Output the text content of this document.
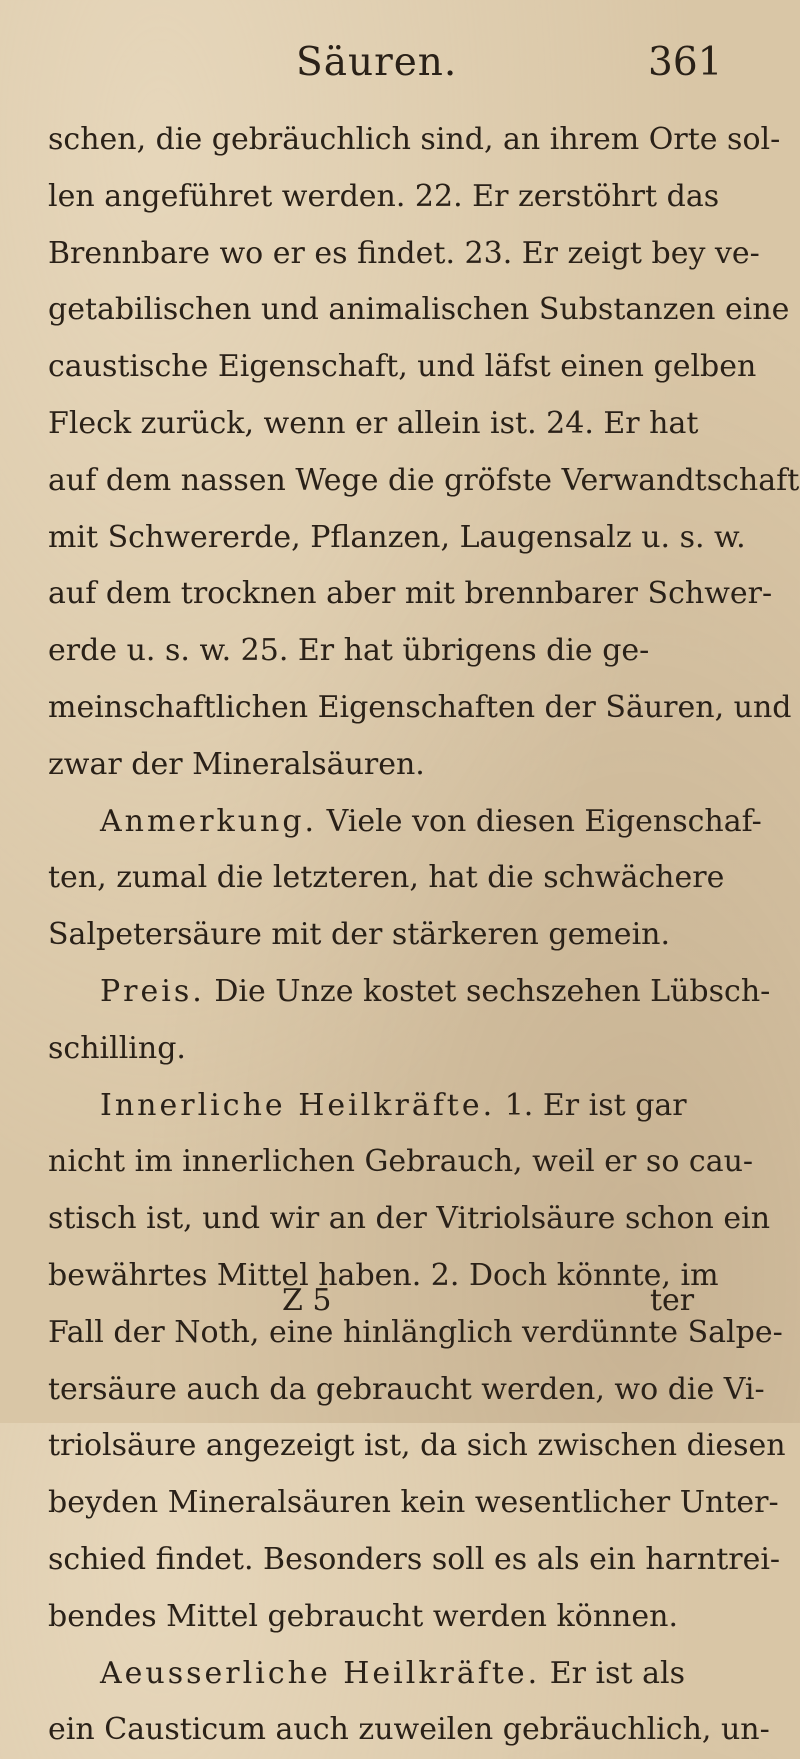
Säuren.	361
schen, die gebräuchlich sind, an ihrem Orte sol-
len angeführet werden. 22. Er zerstöhrt das
Brennbare wo er es findet. 23. Er zeigt bey ve-
getabilischen und animalischen Substanzen eine
caustische Eigenschaft, und läfst einen gelben
Fleck zurück, wenn er allein ist. 24. Er hat
auf dem nassen Wege die gröfste Verwandtschaft
mit Schwererde, Pflanzen, Laugensalz u. s. w.
auf dem trocknen aber mit brennbarer Schwer-
erde u. s. w. 25. Er hat übrigens die ge-
meinschaftlichen Eigenschaften der Säuren, und
zwar der Mineralsäuren.
Anmerkung. Viele von diesen Eigenschaf-
ten, zumal die letzteren, hat die schwächere
Salpetersäure mit der stärkeren gemein.
Preis. Die Unze kostet sechszehen Lübsch-
schilling.
Innerliche Heilkräfte. 1. Er ist gar
nicht im innerlichen Gebrauch, weil er so cau-
stisch ist, und wir an der Vitriolsäure schon ein
bewährtes Mittel haben. 2. Doch könnte, im
Fall der Noth, eine hinlänglich verdünnte Salpe-
tersäure auch da gebraucht werden, wo die Vi-
triolsäure angezeigt ist, da sich zwischen diesen
beyden Mineralsäuren kein wesentlicher Unter-
schied findet. Besonders soll es als ein harntrei-
bendes Mittel gebraucht werden können.
Aeusserliche Heilkräfte. Er ist als
ein Causticum auch zuweilen gebräuchlich, un-
Z 5	ter
